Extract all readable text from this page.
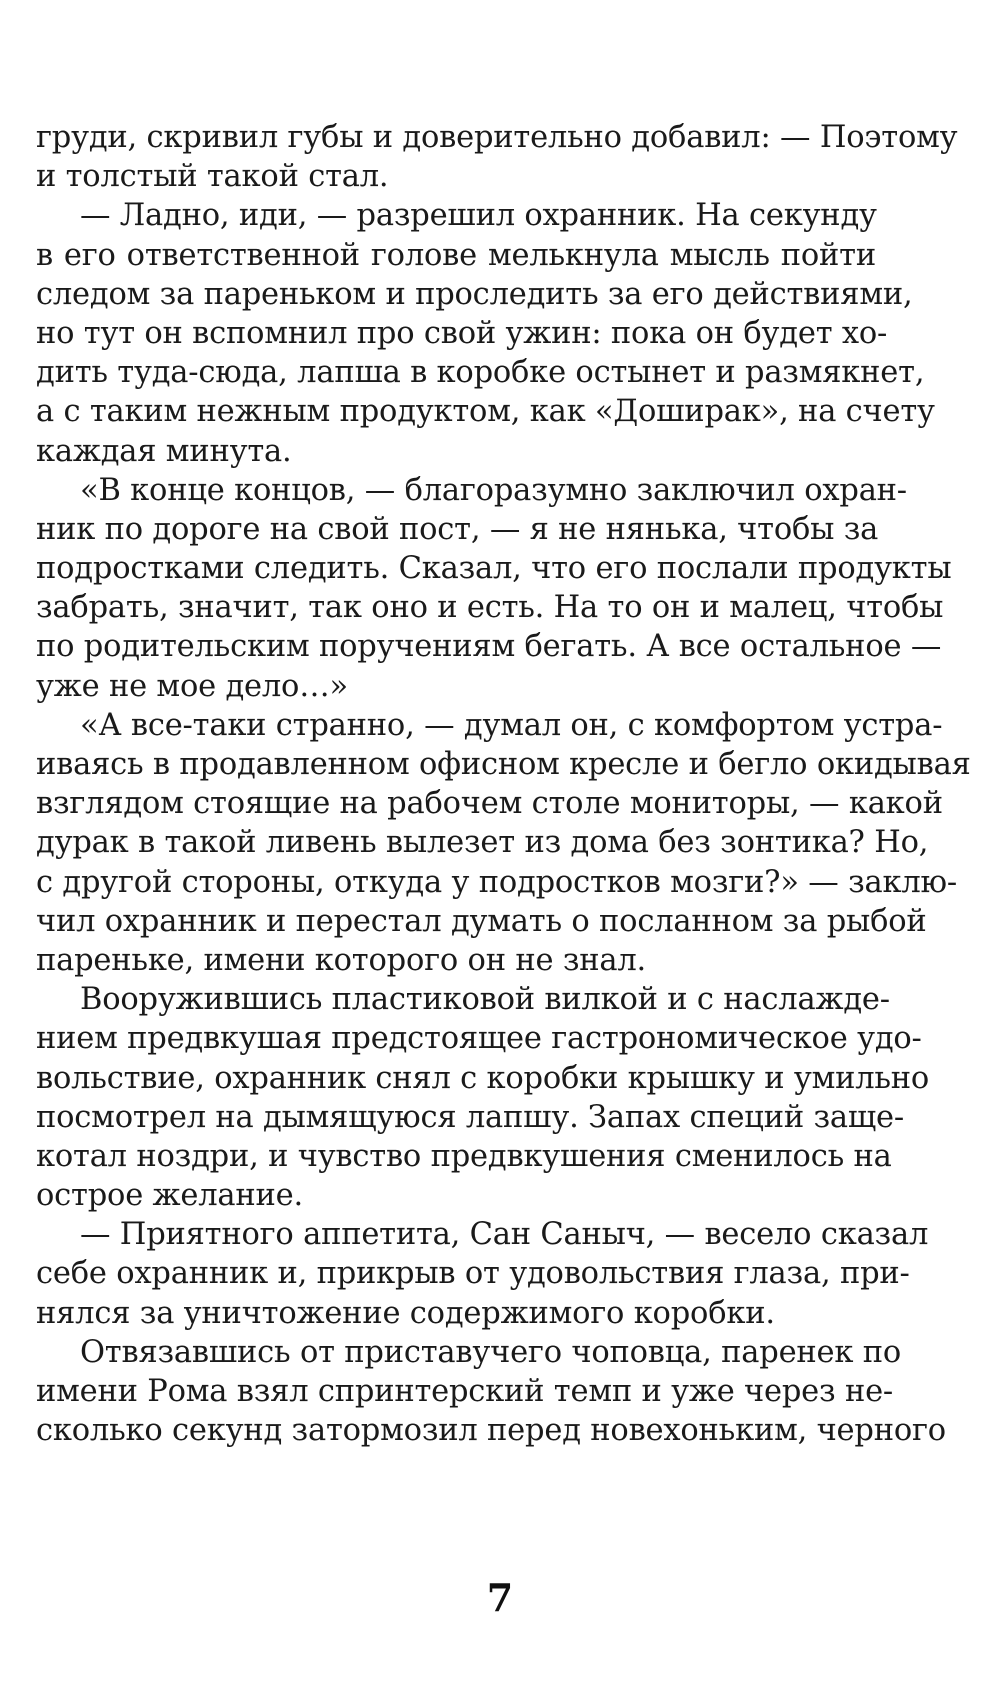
груди, скривил губы и доверительно добавил: — Поэтому
и толстый такой стал.
— Ладно, иди, — разрешил охранник. На секунду
в его ответственной голове мелькнула мысль пойти
следом за пареньком и проследить за его действиями,
но тут он вспомнил про свой ужин: пока он будет хо-
дить туда-сюда, лапша в коробке остынет и размякнет,
а с таким нежным продуктом, как «Доширак», на счету
каждая минута.
«В конце концов, — благоразумно заключил охран-
ник по дороге на свой пост, — я не нянька, чтобы за
подростками следить. Сказал, что его послали продукты
забрать, значит, так оно и есть. На то он и малец, чтобы
по родительским поручениям бегать. А все остальное —
уже не мое дело…»
«А все-таки странно, — думал он, с комфортом устра-
иваясь в продавленном офисном кресле и бегло окидывая
взглядом стоящие на рабочем столе мониторы, — какой
дурак в такой ливень вылезет из дома без зонтика? Но,
с другой стороны, откуда у подростков мозги?» — заклю-
чил охранник и перестал думать о посланном за рыбой
пареньке, имени которого он не знал.
Вооружившись пластиковой вилкой и с наслажде-
нием предвкушая предстоящее гастрономическое удо-
вольствие, охранник снял с коробки крышку и умильно
посмотрел на дымящуюся лапшу. Запах специй защe-
котал ноздри, и чувство предвкушения сменилось на
острое желание.
— Приятного аппетита, Сан Саныч, — весело сказал
себе охранник и, прикрыв от удовольствия глаза, при-
нялся за уничтожение содержимого коробки.
Отвязавшись от приставучего чоповца, паренек по
имени Рома взял спринтерский темп и уже через не-
сколько секунд затормозил перед новехоньким, черного
7
